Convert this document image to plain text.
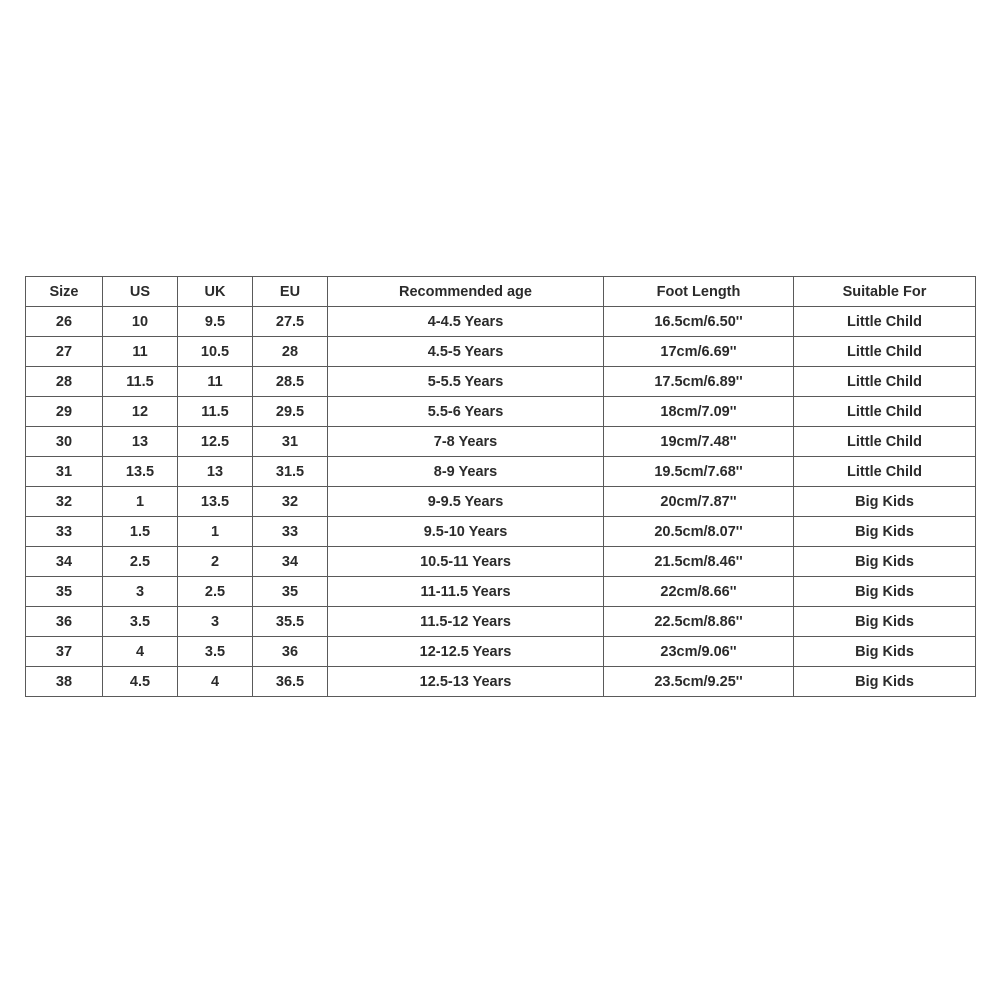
Size	US	UK	EU	Recommended age	Foot Length	Suitable For
26	10	9.5	27.5	4-4.5 Years	16.5cm/6.50''	Little Child
27	11	10.5	28	4.5-5 Years	17cm/6.69''	Little Child
28	11.5	11	28.5	5-5.5 Years	17.5cm/6.89''	Little Child
29	12	11.5	29.5	5.5-6 Years	18cm/7.09''	Little Child
30	13	12.5	31	7-8 Years	19cm/7.48''	Little Child
31	13.5	13	31.5	8-9 Years	19.5cm/7.68''	Little Child
32	1	13.5	32	9-9.5 Years	20cm/7.87''	Big Kids
33	1.5	1	33	9.5-10 Years	20.5cm/8.07''	Big Kids
34	2.5	2	34	10.5-11 Years	21.5cm/8.46''	Big Kids
35	3	2.5	35	11-11.5 Years	22cm/8.66''	Big Kids
36	3.5	3	35.5	11.5-12 Years	22.5cm/8.86''	Big Kids
37	4	3.5	36	12-12.5 Years	23cm/9.06''	Big Kids
38	4.5	4	36.5	12.5-13 Years	23.5cm/9.25''	Big Kids
